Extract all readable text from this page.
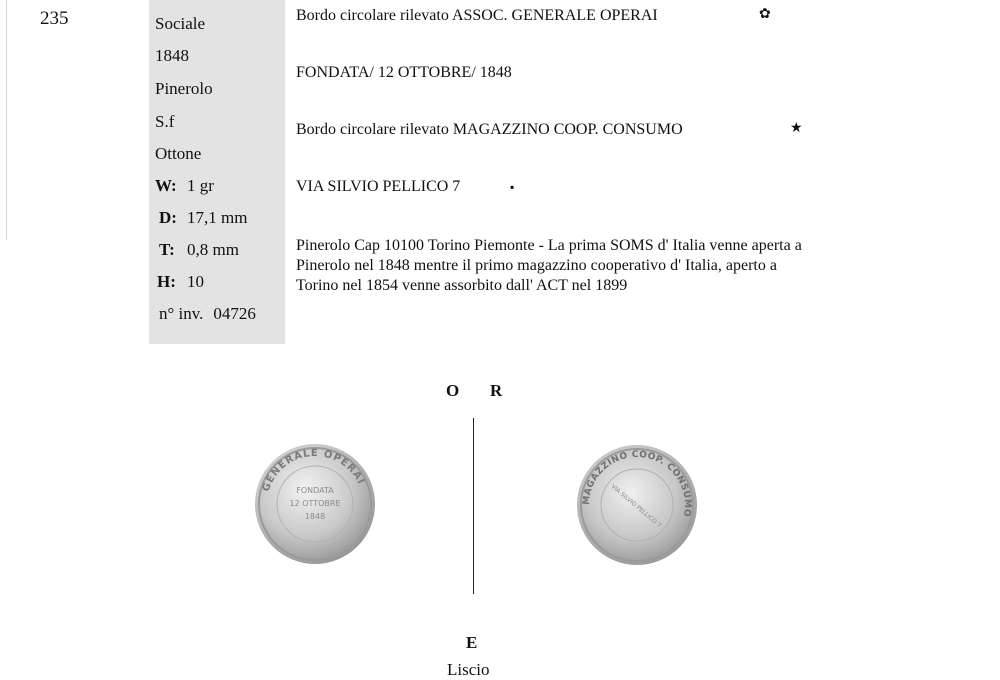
235	Sociale
1848
Pinerolo
S.f
Ottone
W: 1 gr
D: 17,1 mm
T: 0,8 mm
H: 10
n° inv. 04726
Bordo circolare rilevato ASSOC. GENERALE OPERAI	✿
FONDATA/ 12 OTTOBRE/ 1848
Bordo circolare rilevato MAGAZZINO COOP. CONSUMO	★
VIA SILVIO PELLICO 7	▪
Pinerolo Cap 10100 Torino Piemonte - La prima SOMS d' Italia venne aperta a Pinerolo nel 1848 mentre il primo magazzino cooperativo d' Italia, aperto a Torino nel 1854 venne assorbito dall' ACT nel 1899
O R
GENERALE OPERAI
FONDATA
12 OTTOBRE
1848
MAGAZZINO COOP. CONSUMO
VIA SILVIO PELLICO 7
E
Liscio
